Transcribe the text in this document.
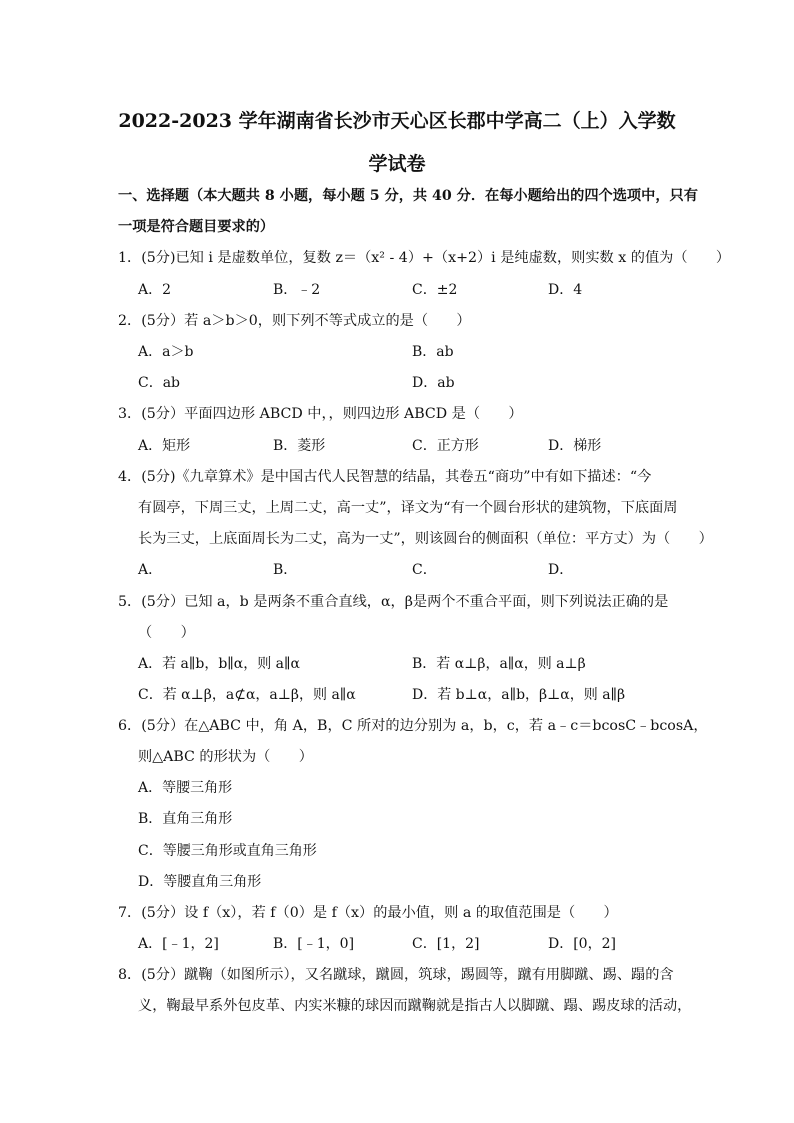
2022-2023 学年湖南省长沙市天心区长郡中学高二（上）入学数
学试卷
一、选择题（本大题共 8 小题，每小题 5 分，共 40 分．在每小题给出的四个选项中，只有
一项是符合题目要求的）
1．(5分)已知 i 是虚数单位，复数 z＝（x² - 4）+（x+2）i 是纯虚数，则实数 x 的值为（　　）
A．2	B．﹣2	C．±2	D．4
2．(5分）若 a＞b＞0，则下列不等式成立的是（　　）
A．a＞b	B．ab
C．ab	D．ab
3．(5分）平面四边形 ABCD 中，，则四边形 ABCD 是（　　）
A．矩形	B．菱形	C．正方形	D．梯形
4．(5分)《九章算术》是中国古代人民智慧的结晶，其卷五“商功”中有如下描述：“今
有圆亭，下周三丈，上周二丈，高一丈”，译文为“有一个圆台形状的建筑物，下底面周
长为三丈，上底面周长为二丈，高为一丈”，则该圆台的侧面积（单位：平方丈）为（　　）
A．	B．	C．	D．
5．(5分）已知 a，b 是两条不重合直线，α，β是两个不重合平面，则下列说法正确的是
（　　）
A．若 a∥b，b∥α，则 a∥α	B．若 α⊥β，a∥α，则 a⊥β
C．若 α⊥β，a⊄α，a⊥β，则 a∥α	D．若 b⊥α，a∥b，β⊥α，则 a∥β
6．(5分）在△ABC 中，角 A，B，C 所对的边分别为 a，b，c，若 a﹣c＝bcosC﹣bcosA，
则△ABC 的形状为（　　）
A．等腰三角形
B．直角三角形
C．等腰三角形或直角三角形
D．等腰直角三角形
7．(5分）设 f（x），若 f（0）是 f（x）的最小值，则 a 的取值范围是（　　）
A．[﹣1，2]	B．[﹣1，0]	C．[1，2]	D．[0，2]
8．(5分）蹴鞠（如图所示），又名蹴球，蹴圆，筑球，踢圆等，蹴有用脚蹴、踢、蹋的含
义，鞠最早系外包皮革、内实米糠的球因而蹴鞠就是指古人以脚蹴、蹋、踢皮球的活动，
